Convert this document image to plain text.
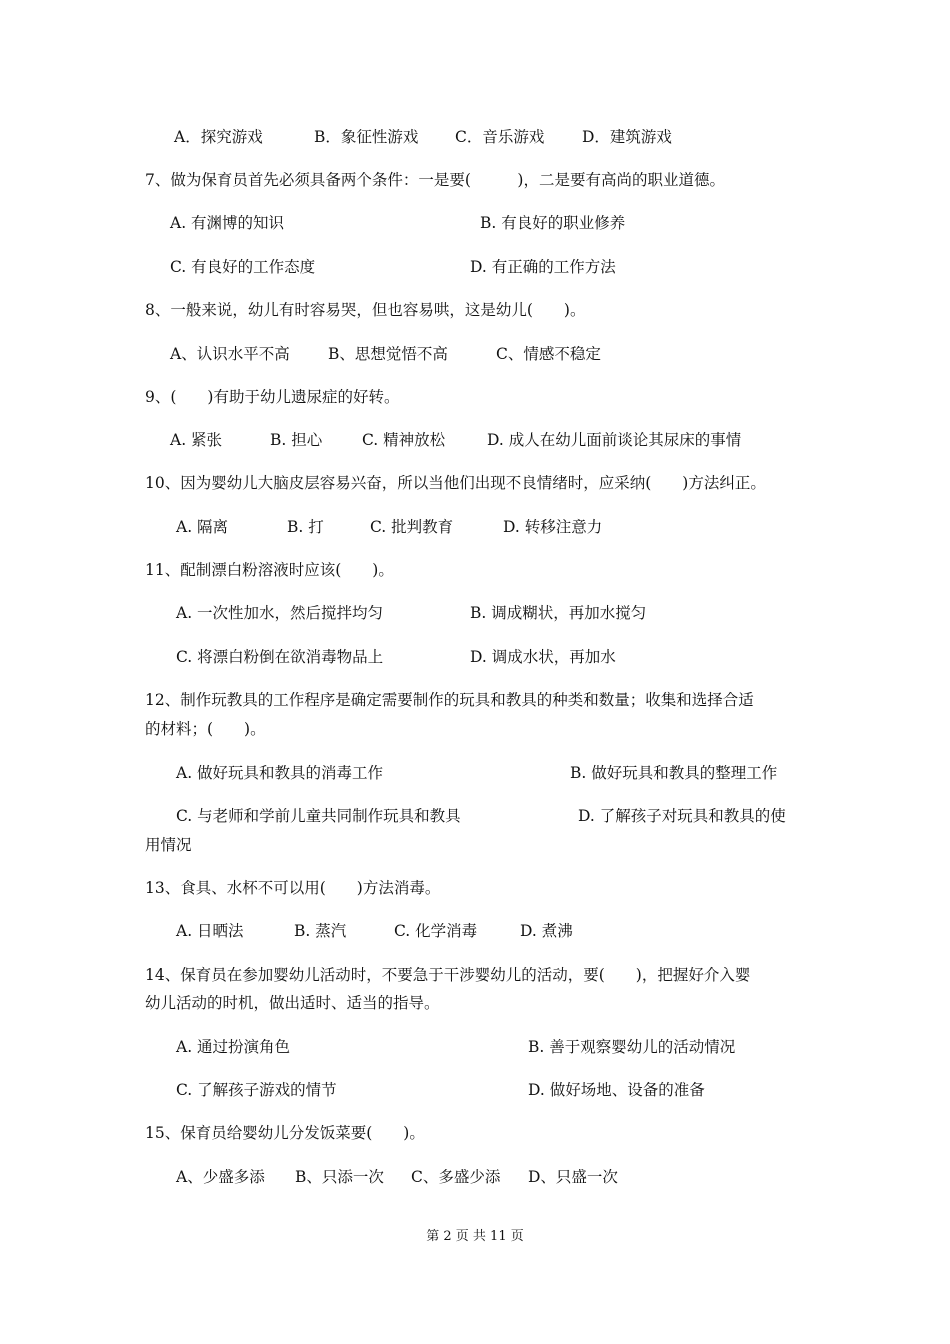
A．探究游戏	B．象征性游戏 C．音乐游戏 D．建筑游戏
7、做为保育员首先必须具备两个条件：一是要(　　　)，二是要有高尚的职业道德。
A. 有渊博的知识	B. 有良好的职业修养
C. 有良好的工作态度	D. 有正确的工作方法
8、一般来说，幼儿有时容易哭，但也容易哄，这是幼儿(　　)。
A、认识水平不高 B、思想觉悟不高	C、情感不稳定
9、(　　)有助于幼儿遗尿症的好转。
A. 紧张	B. 担心	C. 精神放松	D. 成人在幼儿面前谈论其尿床的事情
10、因为婴幼儿大脑皮层容易兴奋，所以当他们出现不良情绪时，应采纳(　　)方法纠正。
A. 隔离	B. 打	C. 批判教育	D. 转移注意力
11、配制漂白粉溶液时应该(　　)。
A. 一次性加水，然后搅拌均匀	B. 调成糊状，再加水搅匀
C. 将漂白粉倒在欲消毒物品上	D. 调成水状，再加水
12、制作玩教具的工作程序是确定需要制作的玩具和教具的种类和数量；收集和选择合适
的材料；(　　)。
A. 做好玩具和教具的消毒工作	B. 做好玩具和教具的整理工作
C. 与老师和学前儿童共同制作玩具和教具	D. 了解孩子对玩具和教具的使
用情况
13、食具、水杯不可以用(　　)方法消毒。
A. 日晒法	B. 蒸汽	C. 化学消毒	D. 煮沸
14、保育员在参加婴幼儿活动时，不要急于干涉婴幼儿的活动，要(　　)，把握好介入婴
幼儿活动的时机，做出适时、适当的指导。
A. 通过扮演角色	B. 善于观察婴幼儿的活动情况
C. 了解孩子游戏的情节	D. 做好场地、设备的准备
15、保育员给婴幼儿分发饭菜要(　　)。
A、少盛多添 B、只添一次 C、多盛少添 D、只盛一次
第 2 页 共 11 页
